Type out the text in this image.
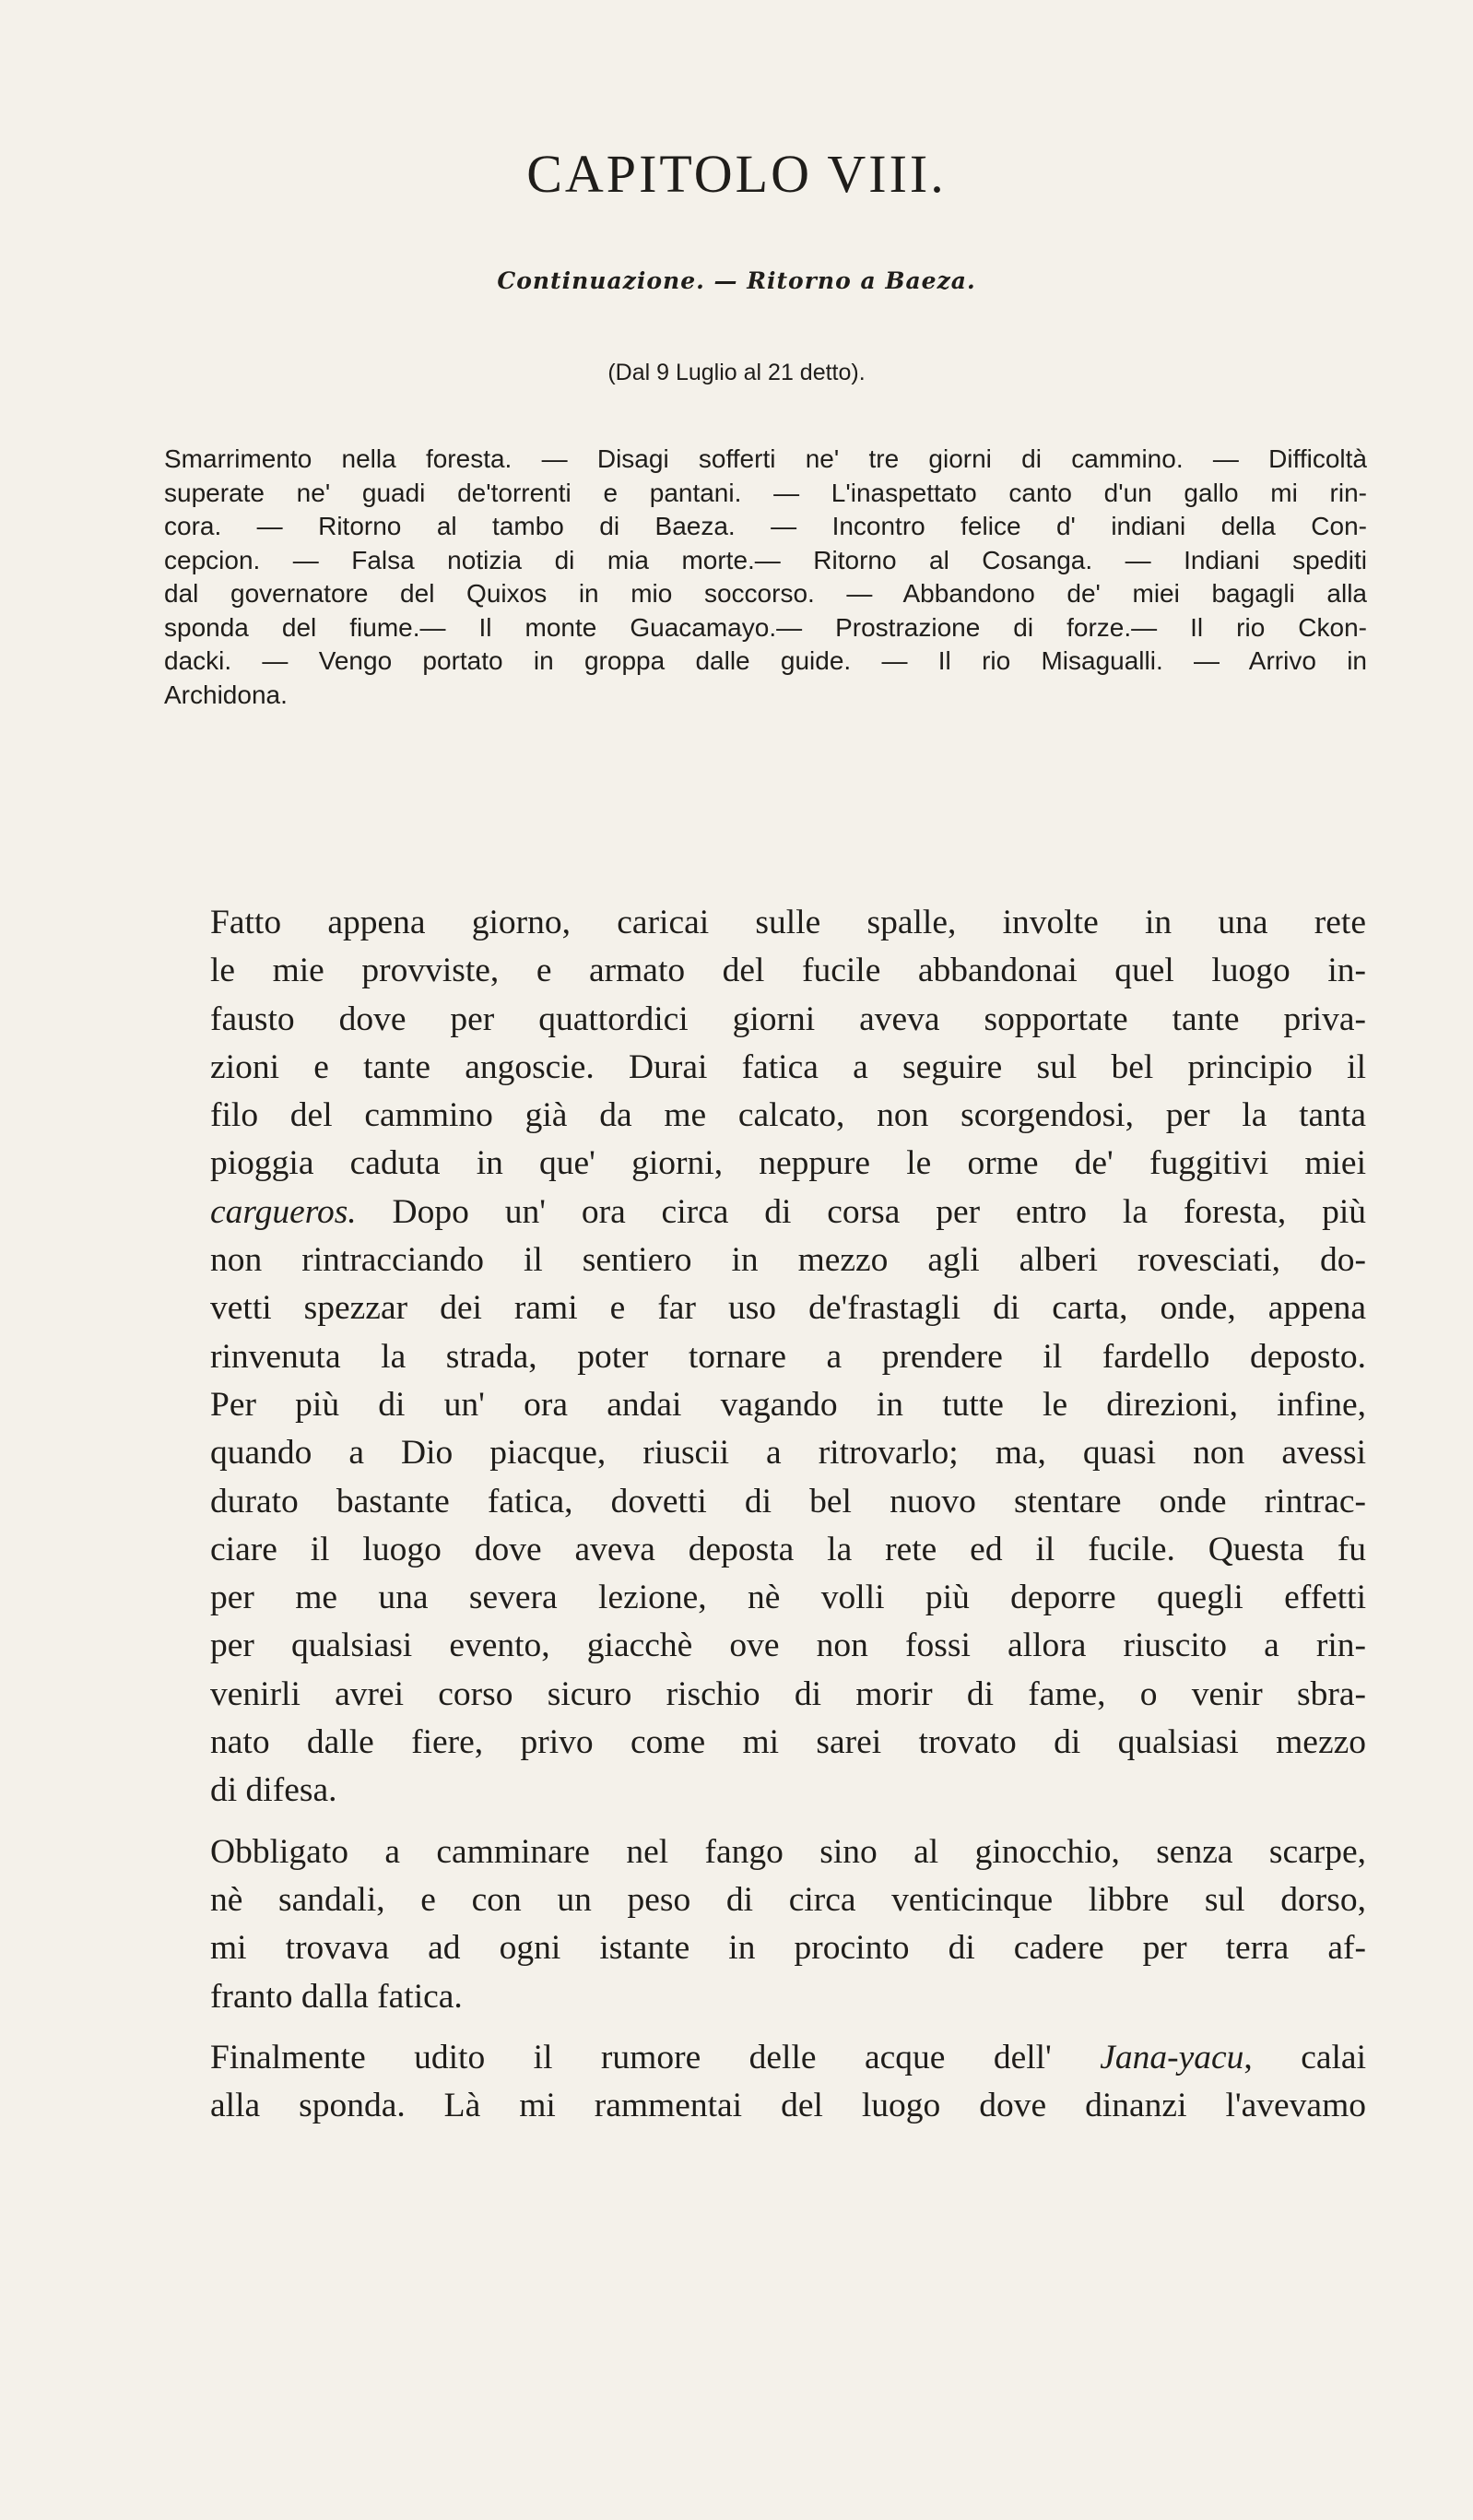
CAPITOLO VIII.
Continuazione. — Ritorno a Baeza.
(Dal 9 Luglio al 21 detto).
Smarrimento nella foresta. — Disagi sofferti ne' tre giorni di cammino. — Difficoltà
superate ne' guadi de'torrenti e pantani. — L'inaspettato canto d'un gallo mi rin-
cora. — Ritorno al tambo di Baeza. — Incontro felice d' indiani della Con-
cepcion. — Falsa notizia di mia morte.— Ritorno al Cosanga. — Indiani spediti
dal governatore del Quixos in mio soccorso. — Abbandono de' miei bagagli alla
sponda del fiume.— Il monte Guacamayo.— Prostrazione di forze.— Il rio Ckon-
dacki. — Vengo portato in groppa dalle guide. — Il rio Misagualli. — Arrivo in
Archidona.
Fatto appena giorno, caricai sulle spalle, involte in una rete
le mie provviste, e armato del fucile abbandonai quel luogo in-
fausto dove per quattordici giorni aveva sopportate tante priva-
zioni e tante angoscie. Durai fatica a seguire sul bel principio il
filo del cammino già da me calcato, non scorgendosi, per la tanta
pioggia caduta in que' giorni, neppure le orme de' fuggitivi miei
cargueros. Dopo un' ora circa di corsa per entro la foresta, più
non rintracciando il sentiero in mezzo agli alberi rovesciati, do-
vetti spezzar dei rami e far uso de'frastagli di carta, onde, appena
rinvenuta la strada, poter tornare a prendere il fardello deposto.
Per più di un' ora andai vagando in tutte le direzioni, infine,
quando a Dio piacque, riuscii a ritrovarlo; ma, quasi non avessi
durato bastante fatica, dovetti di bel nuovo stentare onde rintrac-
ciare il luogo dove aveva deposta la rete ed il fucile. Questa fu
per me una severa lezione, nè volli più deporre quegli effetti
per qualsiasi evento, giacchè ove non fossi allora riuscito a rin-
venirli avrei corso sicuro rischio di morir di fame, o venir sbra-
nato dalle fiere, privo come mi sarei trovato di qualsiasi mezzo
di difesa.
Obbligato a camminare nel fango sino al ginocchio, senza scarpe,
nè sandali, e con un peso di circa venticinque libbre sul dorso,
mi trovava ad ogni istante in procinto di cadere per terra af-
franto dalla fatica.
Finalmente udito il rumore delle acque dell' Jana-yacu, calai
alla sponda. Là mi rammentai del luogo dove dinanzi l'avevamo
